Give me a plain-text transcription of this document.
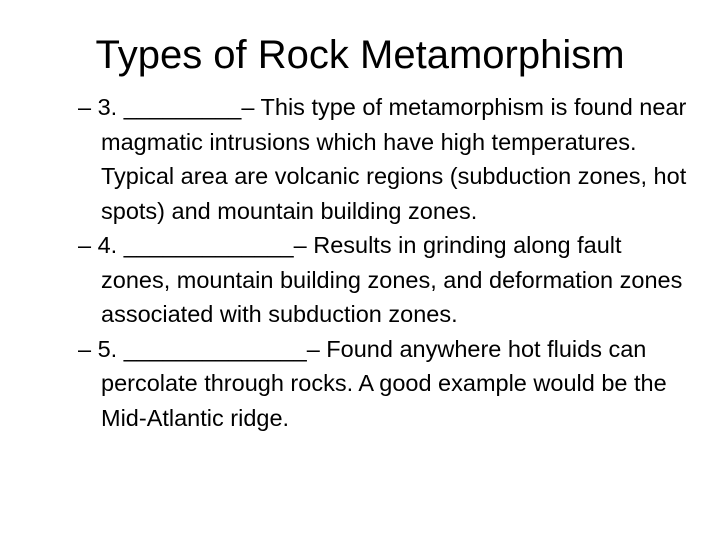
Types of Rock Metamorphism

– 3. _________– This type of metamorphism is found near magmatic intrusions which have high temperatures. Typical area are volcanic regions (subduction zones, hot spots) and mountain building zones.

– 4. _____________– Results in grinding along fault zones, mountain building zones, and deformation zones associated with subduction zones.

– 5. ______________– Found anywhere hot fluids can percolate through rocks. A good example would be the Mid-Atlantic ridge.
